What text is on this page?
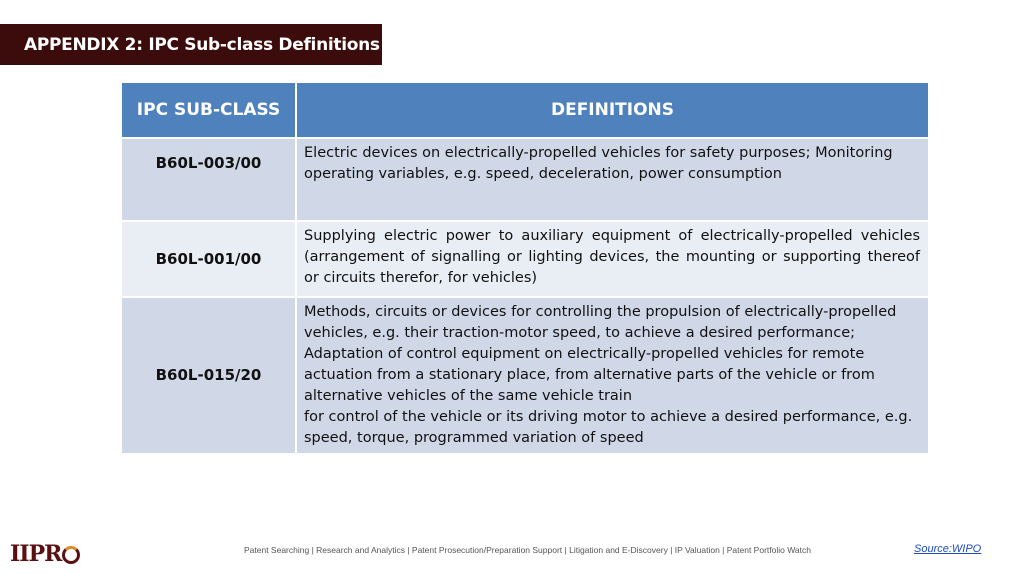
APPENDIX 2: IPC Sub-class Definitions
IPC SUB-CLASS	DEFINITIONS
B60L-003/00	Electric devices on electrically-propelled vehicles for safety purposes; Monitoring operating variables, e.g. speed, deceleration, power consumption

B60L-001/00	Supplying electric power to auxiliary equipment of electrically-propelled vehicles (arrangement of signalling or lighting devices, the mounting or supporting thereof or circuits therefor, for vehicles)

B60L-015/20	Methods, circuits or devices for controlling the propulsion of electrically-propelled vehicles, e.g. their traction-motor speed, to achieve a desired performance; Adaptation of control equipment on electrically-propelled vehicles for remote actuation from a stationary place, from alternative parts of the vehicle or from alternative vehicles of the same vehicle train
for control of the vehicle or its driving motor to achieve a desired performance, e.g. speed, torque, programmed variation of speed
IIPR	Patent Searching | Research and Analytics | Patent Prosecution/Preparation Support | Litigation and E-Discovery | IP Valuation | Patent Portfolio Watch	Source:WIPO
